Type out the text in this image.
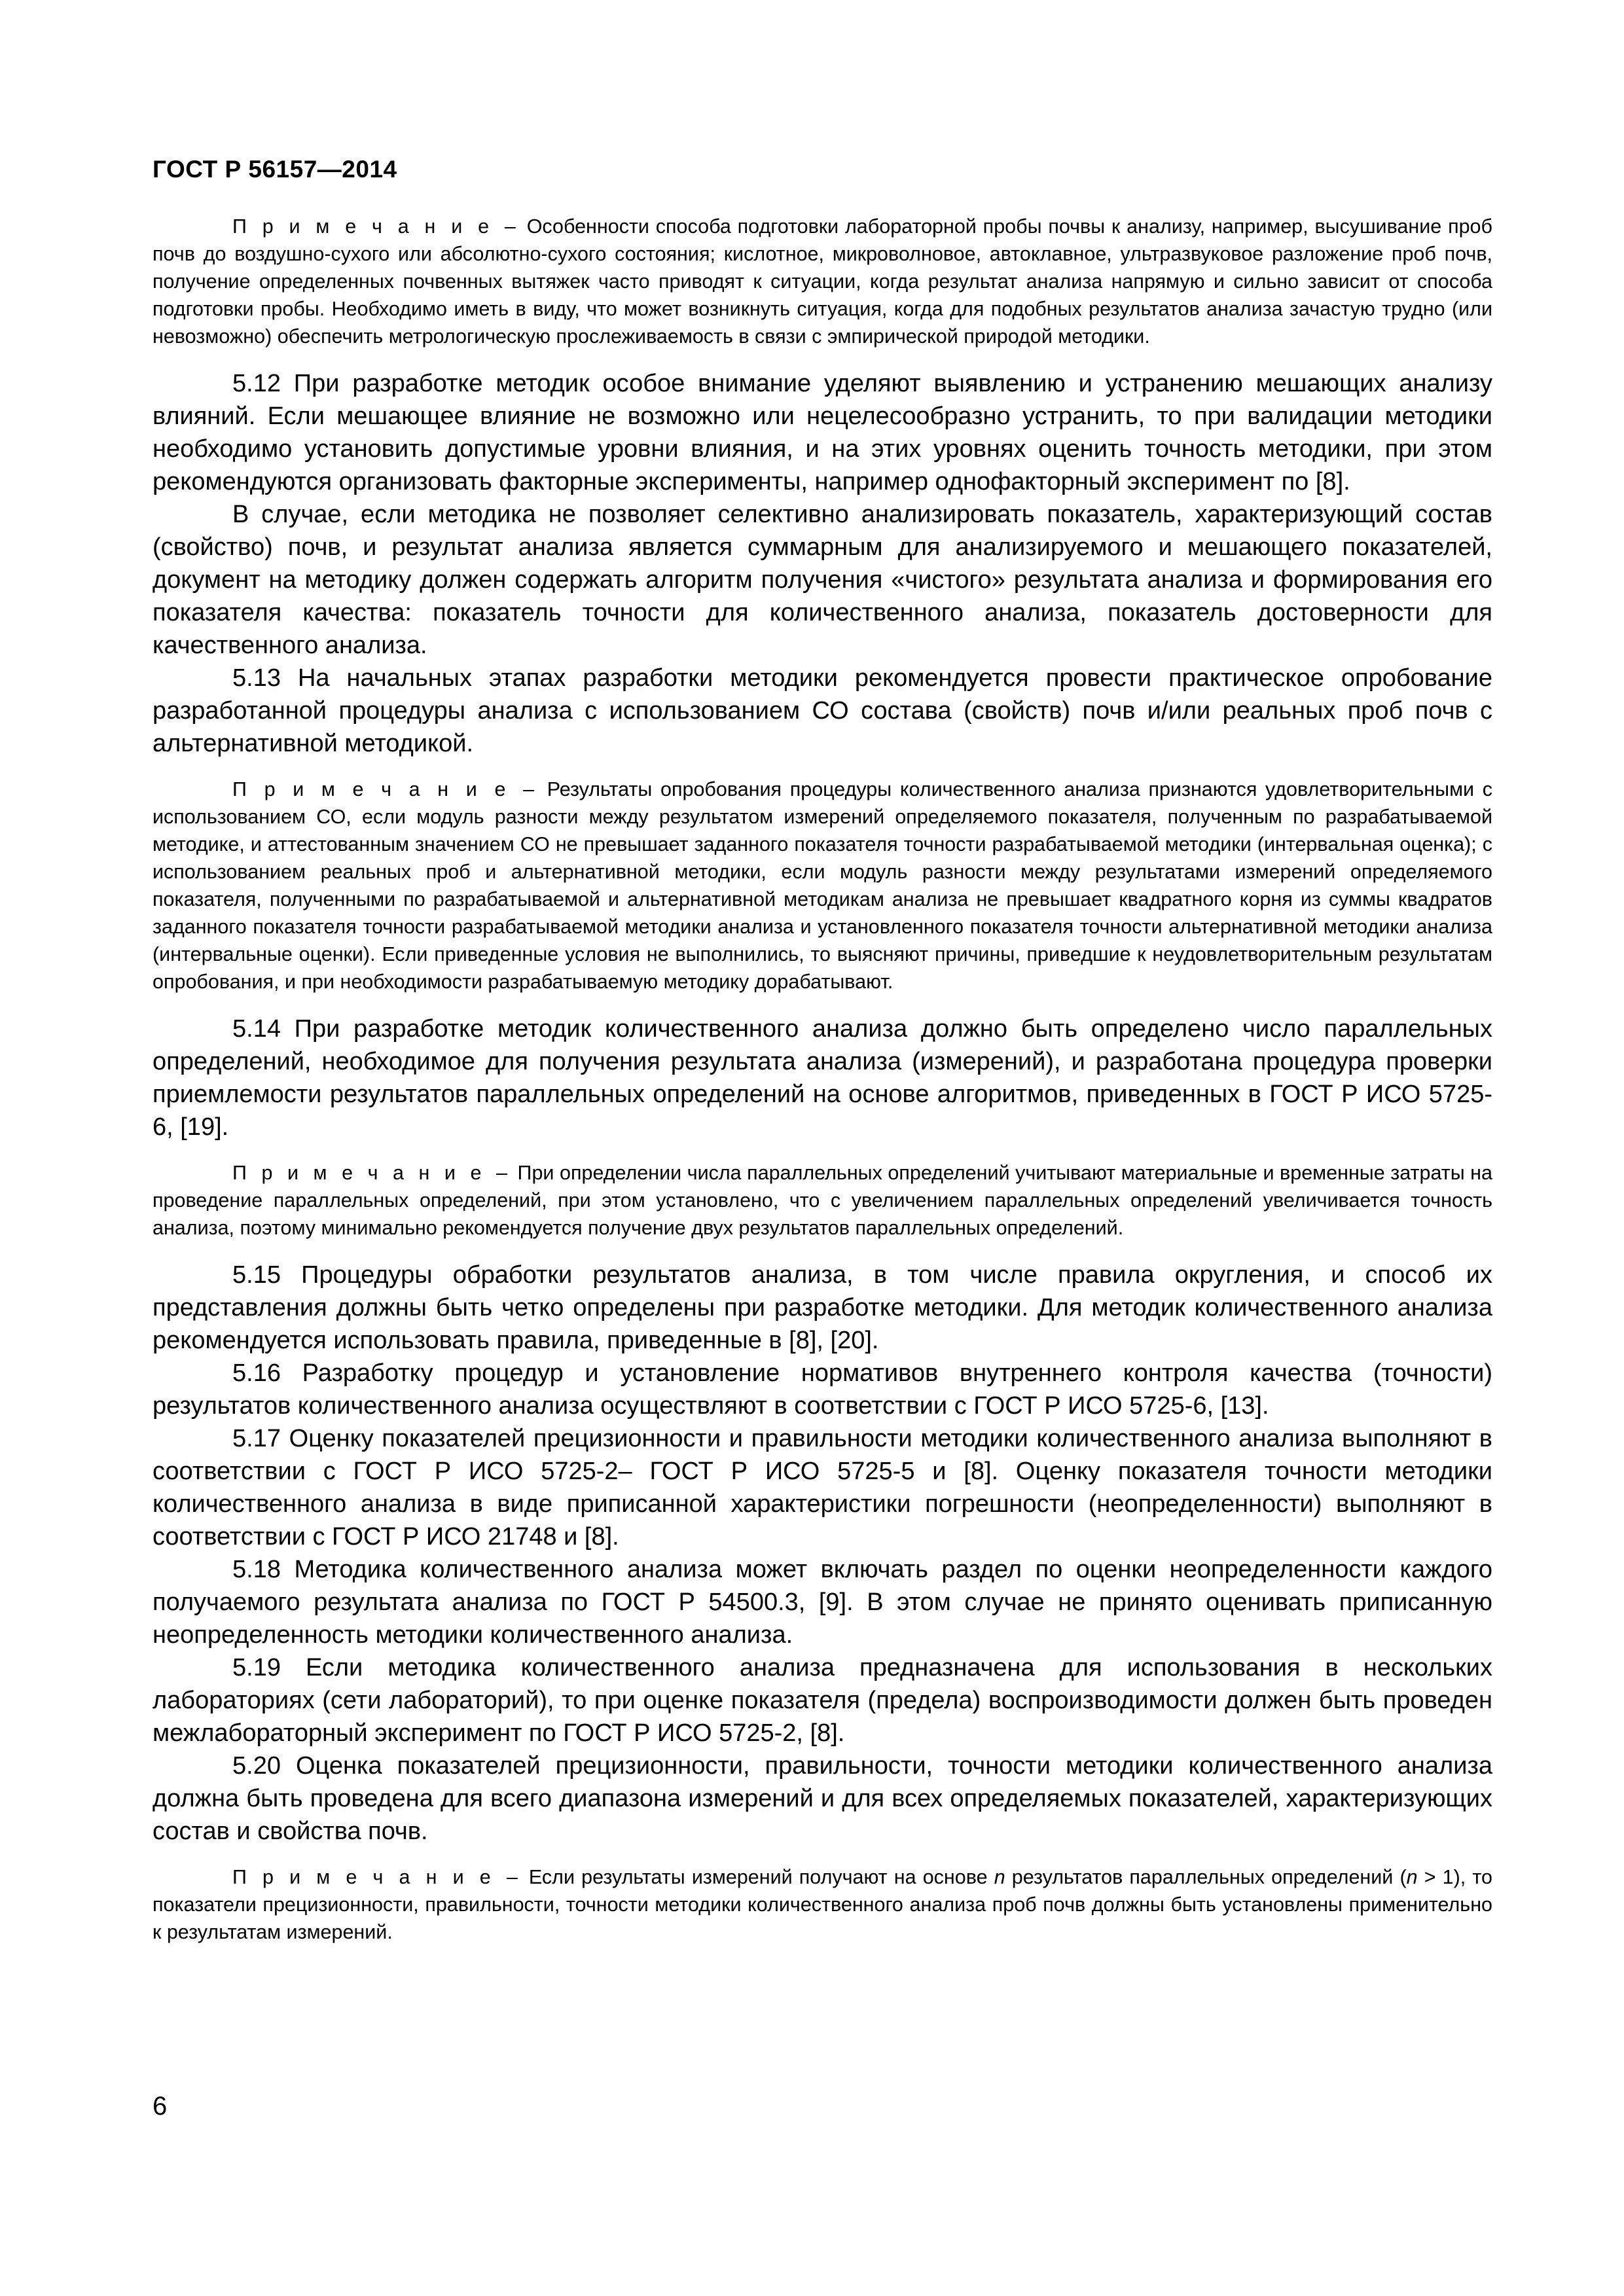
ГОСТ Р 56157—2014

П р и м е ч а н и е – Особенности способа подготовки лабораторной пробы почвы к анализу, например, высушивание проб почв до воздушно-сухого или абсолютно-сухого состояния; кислотное, микроволновое, автоклавное, ультразвуковое разложение проб почв, получение определенных почвенных вытяжек часто приводят к ситуации, когда результат анализа напрямую и сильно зависит от способа подготовки пробы. Необходимо иметь в виду, что может возникнуть ситуация, когда для подобных результатов анализа зачастую трудно (или невозможно) обеспечить метрологическую прослеживаемость в связи с эмпирической природой методики.

5.12 При разработке методик особое внимание уделяют выявлению и устранению мешающих анализу влияний. Если мешающее влияние не возможно или нецелесообразно устранить, то при валидации методики необходимо установить допустимые уровни влияния, и на этих уровнях оценить точность методики, при этом рекомендуются организовать факторные эксперименты, например однофакторный эксперимент по [8].

В случае, если методика не позволяет селективно анализировать показатель, характеризующий состав (свойство) почв, и результат анализа является суммарным для анализируемого и мешающего показателей, документ на методику должен содержать алгоритм получения «чистого» результата анализа и формирования его показателя качества: показатель точности для количественного анализа, показатель достоверности для качественного анализа.

5.13 На начальных этапах разработки методики рекомендуется провести практическое опробование разработанной процедуры анализа с использованием СО состава (свойств) почв и/или реальных проб почв с альтернативной методикой.

П р и м е ч а н и е – Результаты опробования процедуры количественного анализа признаются удовлетворительными с использованием СО, если модуль разности между результатом измерений определяемого показателя, полученным по разрабатываемой методике, и аттестованным значением СО не превышает заданного показателя точности разрабатываемой методики (интервальная оценка); с использованием реальных проб и альтернативной методики, если модуль разности между результатами измерений определяемого показателя, полученными по разрабатываемой и альтернативной методикам анализа не превышает квадратного корня из суммы квадратов заданного показателя точности разрабатываемой методики анализа и установленного показателя точности альтернативной методики анализа (интервальные оценки). Если приведенные условия не выполнились, то выясняют причины, приведшие к неудовлетворительным результатам опробования, и при необходимости разрабатываемую методику дорабатывают.

5.14 При разработке методик количественного анализа должно быть определено число параллельных определений, необходимое для получения результата анализа (измерений), и разработана процедура проверки приемлемости результатов параллельных определений на основе алгоритмов, приведенных в ГОСТ Р ИСО 5725-6, [19].

П р и м е ч а н и е – При определении числа параллельных определений учитывают материальные и временные затраты на проведение параллельных определений, при этом установлено, что с увеличением параллельных определений увеличивается точность анализа, поэтому минимально рекомендуется получение двух результатов параллельных определений.

5.15 Процедуры обработки результатов анализа, в том числе правила округления, и способ их представления должны быть четко определены при разработке методики. Для методик количественного анализа рекомендуется использовать правила, приведенные в [8], [20].

5.16 Разработку процедур и установление нормативов внутреннего контроля качества (точности) результатов количественного анализа осуществляют в соответствии с ГОСТ Р ИСО 5725-6, [13].

5.17 Оценку показателей прецизионности и правильности методики количественного анализа выполняют в соответствии с ГОСТ Р ИСО 5725-2– ГОСТ Р ИСО 5725-5 и [8]. Оценку показателя точности методики количественного анализа в виде приписанной характеристики погрешности (неопределенности) выполняют в соответствии с ГОСТ Р ИСО 21748 и [8].

5.18 Методика количественного анализа может включать раздел по оценки неопределенности каждого получаемого результата анализа по ГОСТ Р 54500.3, [9]. В этом случае не принято оценивать приписанную неопределенность методики количественного анализа.

5.19 Если методика количественного анализа предназначена для использования в нескольких лабораториях (сети лабораторий), то при оценке показателя (предела) воспроизводимости должен быть проведен межлабораторный эксперимент по ГОСТ Р ИСО 5725-2, [8].

5.20 Оценка показателей прецизионности, правильности, точности методики количественного анализа должна быть проведена для всего диапазона измерений и для всех определяемых показателей, характеризующих состав и свойства почв.

П р и м е ч а н и е – Если результаты измерений получают на основе n результатов параллельных определений (n > 1), то показатели прецизионности, правильности, точности методики количественного анализа проб почв должны быть установлены применительно к результатам измерений.

6
